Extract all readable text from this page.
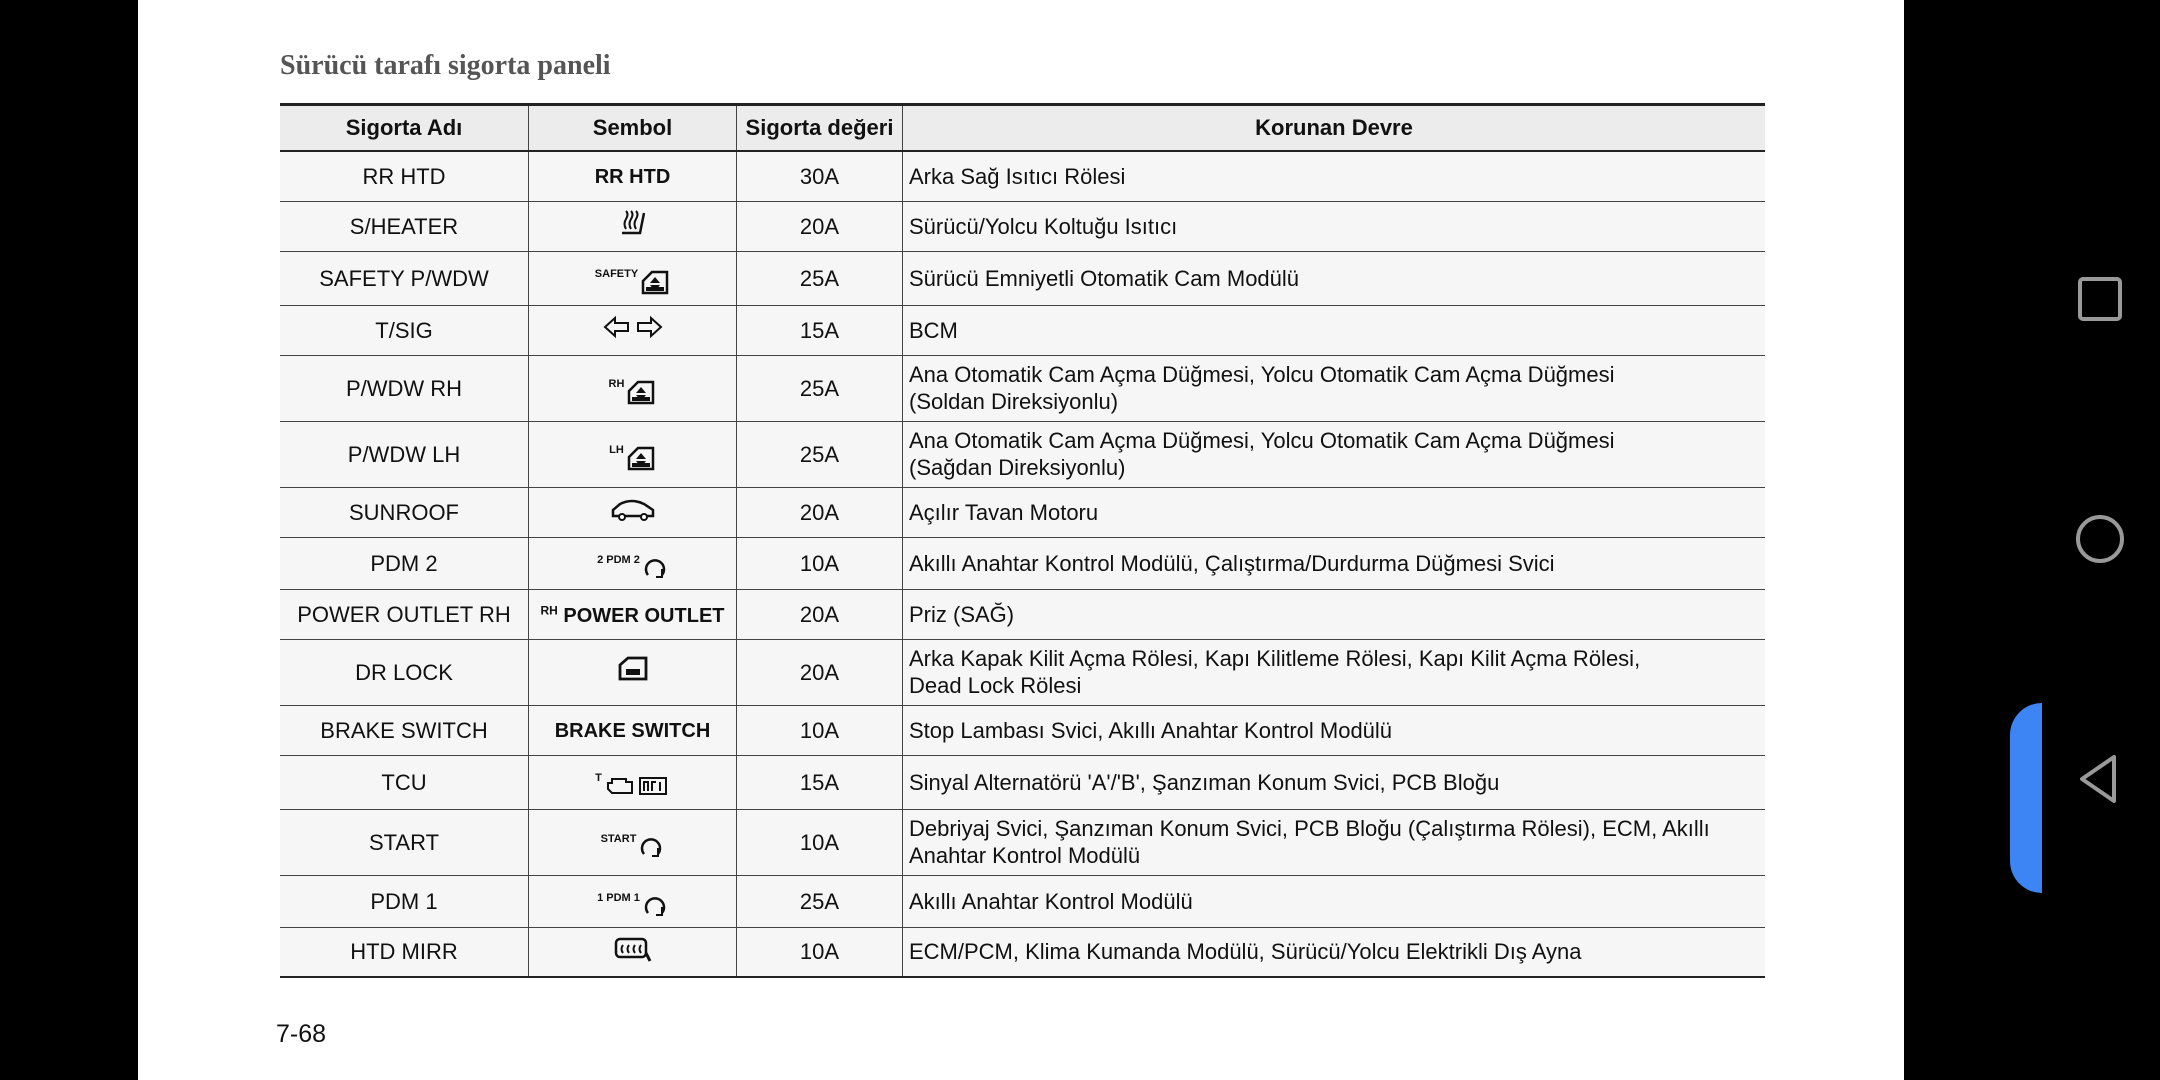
Sürücü tarafı sigorta paneli
Sigorta Adı	Sembol	Sigorta değeri	Korunan Devre
RR HTD	RR HTD	30A	Arka Sağ Isıtıcı Rölesi

S/HEATER		20A	Sürücü/Yolcu Koltuğu Isıtıcı

SAFETY P/WDW	SAFETY	25A	Sürücü Emniyetli Otomatik Cam Modülü

T/SIG		15A	BCM

P/WDW RH	RH	25A	Ana Otomatik Cam Açma Düğmesi, Yolcu Otomatik Cam Açma Düğmesi
(Soldan Direksiyonlu)

P/WDW LH	LH	25A	Ana Otomatik Cam Açma Düğmesi, Yolcu Otomatik Cam Açma Düğmesi
(Sağdan Direksiyonlu)

SUNROOF		20A	Açılır Tavan Motoru

PDM 2	2 PDM 2	10A	Akıllı Anahtar Kontrol Modülü, Çalıştırma/Durdurma Düğmesi Svici

POWER OUTLET RH	$^{RH}$ POWER OUTLET	20A	Priz (SAĞ)

DR LOCK		20A	Arka Kapak Kilit Açma Rölesi, Kapı Kilitleme Rölesi, Kapı Kilit Açma Rölesi,
Dead Lock Rölesi

BRAKE SWITCH	BRAKE SWITCH	10A	Stop Lambası Svici, Akıllı Anahtar Kontrol Modülü

TCU	T	15A	Sinyal Alternatörü 'A'/'B', Şanzıman Konum Svici, PCB Bloğu

START	START	10A	Debriyaj Svici, Şanzıman Konum Svici, PCB Bloğu (Çalıştırma Rölesi), ECM, Akıllı
Anahtar Kontrol Modülü

PDM 1	1 PDM 1	25A	Akıllı Anahtar Kontrol Modülü

HTD MIRR		10A	ECM/PCM, Klima Kumanda Modülü, Sürücü/Yolcu Elektrikli Dış Ayna
7-68
